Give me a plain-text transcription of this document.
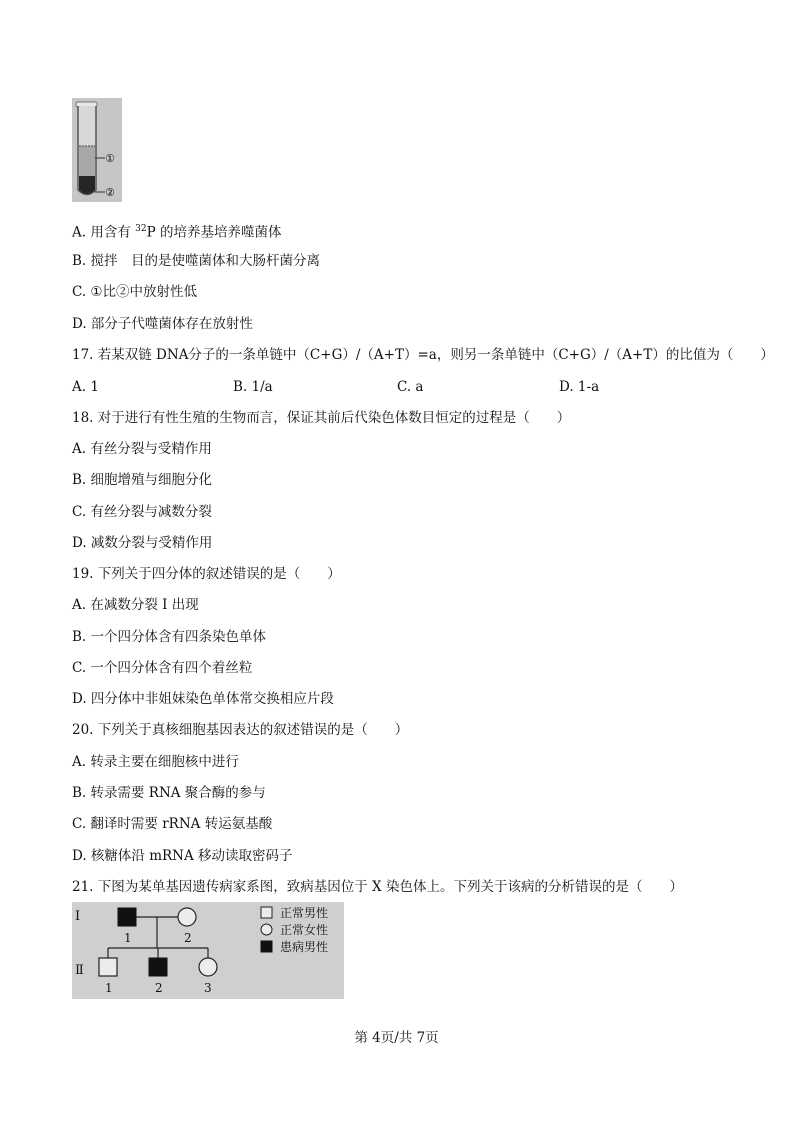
①
②
A. 用含有 $^{32}$P 的培养基培养噬菌体
B. 搅拌　目的是使噬菌体和大肠杆菌分离
C. ①比②中放射性低
D. 部分子代噬菌体存在放射性
17. 若某双链 DNA分子的一条单链中（C+G）/（A+T）=a，则另一条单链中（C+G）/（A+T）的比值为（　　）
A. 1	B. 1/a	C. a	D. 1-a
18. 对于进行有性生殖的生物而言，保证其前后代染色体数目恒定的过程是（　　）
A. 有丝分裂与受精作用
B. 细胞增殖与细胞分化
C. 有丝分裂与减数分裂
D. 减数分裂与受精作用
19. 下列关于四分体的叙述错误的是（　　）
A. 在减数分裂 I 出现
B. 一个四分体含有四条染色单体
C. 一个四分体含有四个着丝粒
D. 四分体中非姐妹染色单体常交换相应片段
20. 下列关于真核细胞基因表达的叙述错误的是（　　）
A. 转录主要在细胞核中进行
B. 转录需要 RNA 聚合酶的参与
C. 翻译时需要 rRNA 转运氨基酸
D. 核糖体沿 mRNA 移动读取密码子
21. 下图为某单基因遗传病家系图，致病基因位于 X 染色体上。下列关于该病的分析错误的是（　　）
I
Ⅱ
1	2
1	2	3
正常男性
正常女性
患病男性
第 4页/共 7页
